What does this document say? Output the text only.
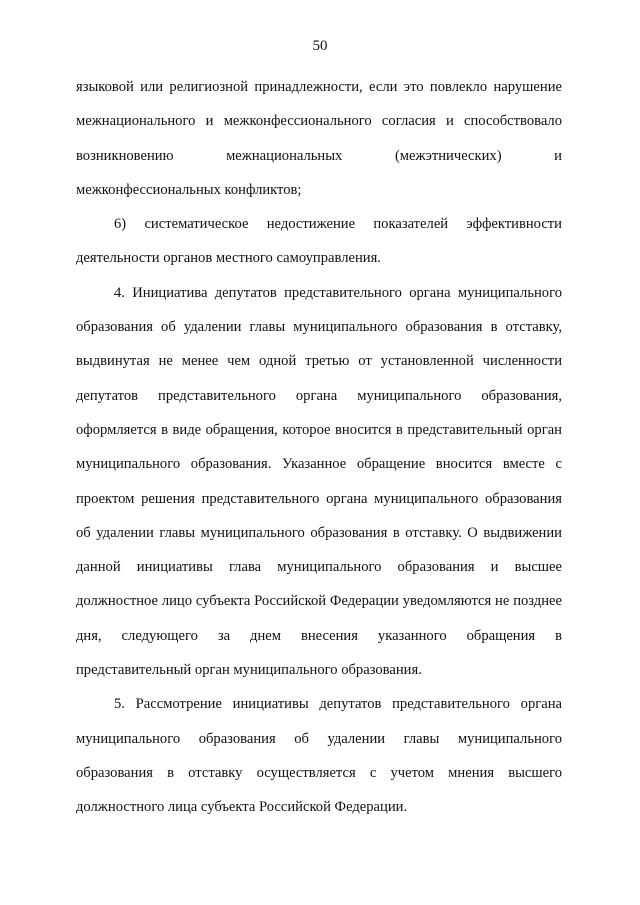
50

языковой или религиозной принадлежности, если это повлекло нарушение межнационального и межконфессионального согласия и способствовало возникновению межнациональных (межэтнических) и межконфессиональных конфликтов;

6) систематическое недостижение показателей эффективности деятельности органов местного самоуправления.

4. Инициатива депутатов представительного органа муниципального образования об удалении главы муниципального образования в отставку, выдвинутая не менее чем одной третью от установленной численности депутатов представительного органа муниципального образования, оформляется в виде обращения, которое вносится в представительный орган муниципального образования. Указанное обращение вносится вместе с проектом решения представительного органа муниципального образования об удалении главы муниципального образования в отставку. О выдвижении данной инициативы глава муниципального образования и высшее должностное лицо субъекта Российской Федерации уведомляются не позднее дня, следующего за днем внесения указанного обращения в представительный орган муниципального образования.

5. Рассмотрение инициативы депутатов представительного органа муниципального образования об удалении главы муниципального образования в отставку осуществляется с учетом мнения высшего должностного лица субъекта Российской Федерации.
